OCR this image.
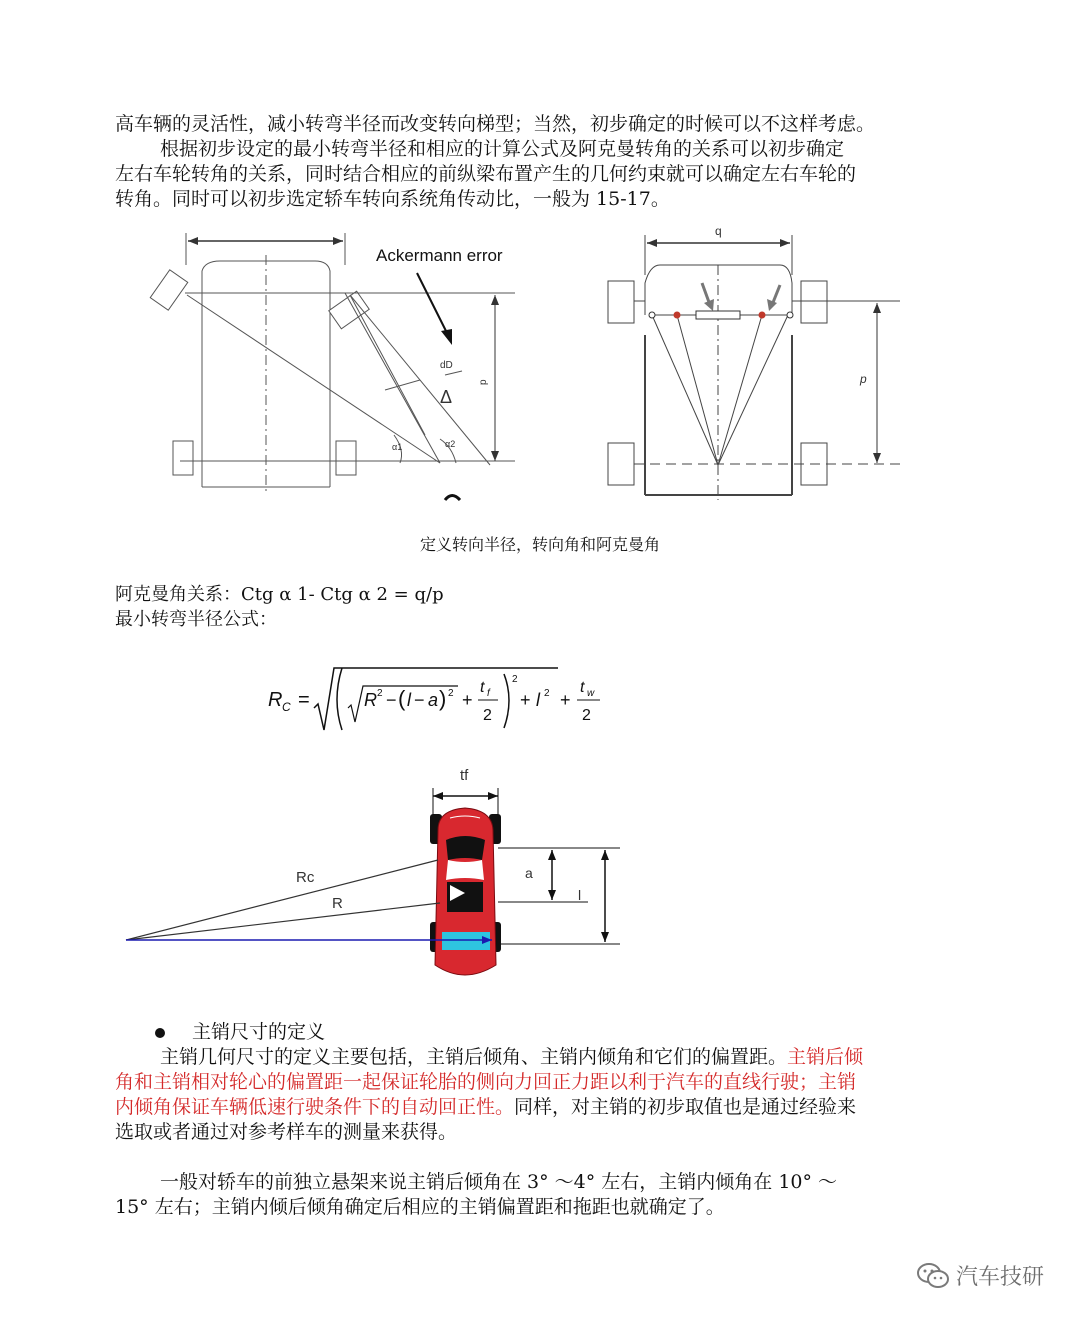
高车辆的灵活性，减小转弯半径而改变转向梯型；当然，初步确定的时候可以不这样考虑。

根据初步设定的最小转弯半径和相应的计算公式及阿克曼转角的关系可以初步确定

左右车轮转角的关系，同时结合相应的前纵梁布置产生的几何约束就可以确定左右车轮的

转角。同时可以初步选定轿车转向系统角传动比，一般为 15-17。

Ackermann error
dD
Δ
p
α1	α2
q
p
定义转向半径，转向角和阿克曼角
阿克曼角关系：Ctg α 1- Ctg α 2 = q/p
最小转弯半径公式：
R C =	R 2 − ( l − a ) 2 +
t f
2
2
+ l 2 +
t w
2
tf
Rc
R
a
l

主销尺寸的定义

主销几何尺寸的定义主要包括，主销后倾角、主销内倾角和它们的偏置距。主销后倾

角和主销相对轮心的偏置距一起保证轮胎的侧向力回正力距以利于汽车的直线行驶；主销

内倾角保证车辆低速行驶条件下的自动回正性。同样，对主销的初步取值也是通过经验来

选取或者通过对参考样车的测量来获得。

一般对轿车的前独立悬架来说主销后倾角在 3° ～4° 左右，主销内倾角在 10° ～

15° 左右；主销内倾后倾角确定后相应的主销偏置距和拖距也就确定了。

汽车技研
